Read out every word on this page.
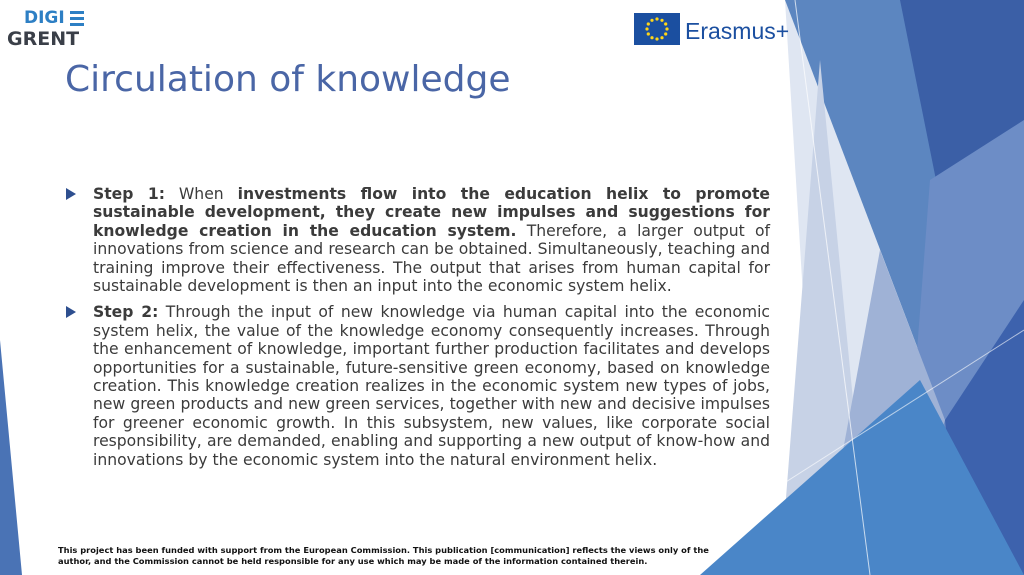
DIGI
GRENT	Erasmus+
Circulation of knowledge

Step 1: When investments flow into the education helix to promote sustainable development, they create new impulses and suggestions for knowledge creation in the education system. Therefore, a larger output of innovations from science and research can be obtained. Simultaneously, teaching and training improve their effectiveness. The output that arises from human capital for sustainable development is then an input into the economic system helix.

Step 2: Through the input of new knowledge via human capital into the economic system helix, the value of the knowledge economy consequently increases. Through the enhancement of knowledge, important further production facilitates and develops opportunities for a sustainable, future-sensitive green economy, based on knowledge creation. This knowledge creation realizes in the economic system new types of jobs, new green products and new green services, together with new and decisive impulses for greener economic growth. In this subsystem, new values, like corporate social responsibility, are demanded, enabling and supporting a new output of know-how and innovations by the economic system into the natural environment helix.

This project has been funded with support from the European Commission. This publication [communication] reflects the views only of the author, and the Commission cannot be held responsible for any use which may be made of the information contained therein.
